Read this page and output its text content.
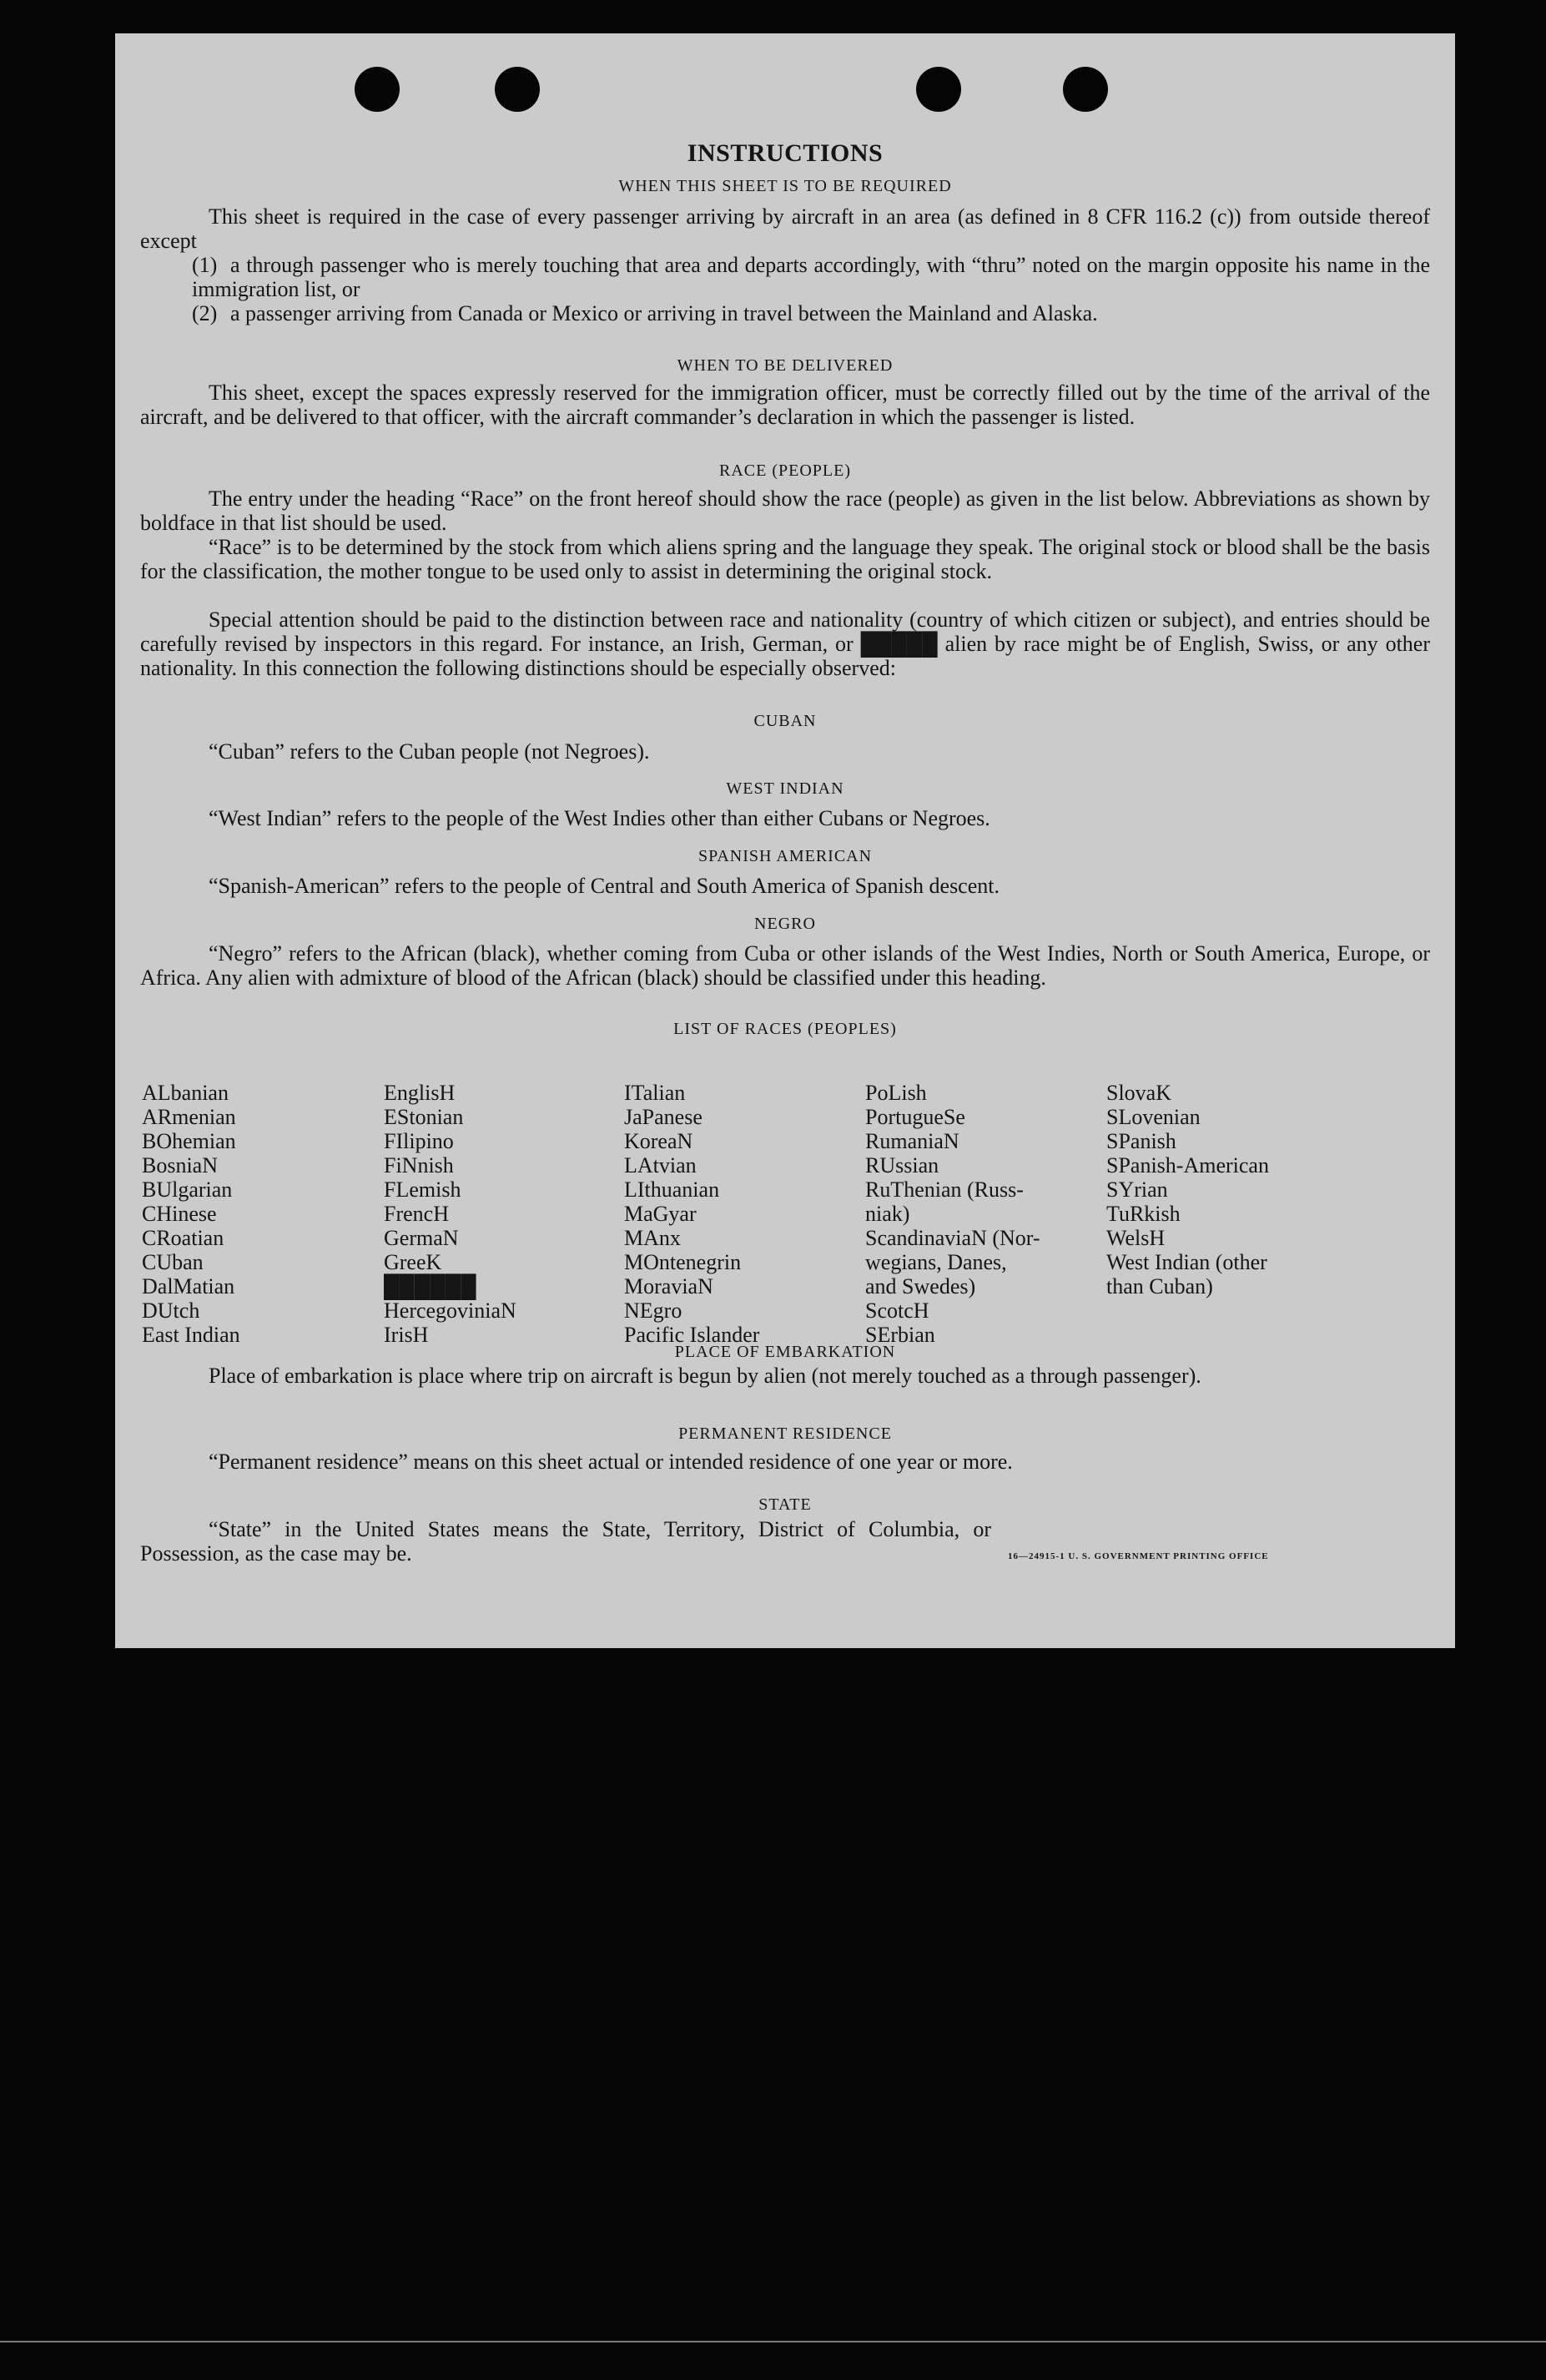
INSTRUCTIONS
WHEN THIS SHEET IS TO BE REQUIRED

This sheet is required in the case of every passenger arriving by aircraft in an area (as defined in 8 CFR 116.2 (c)) from outside thereof except

(1) a through passenger who is merely touching that area and departs accordingly, with “thru” noted on the margin opposite his name in the immigration list, or
(2) a passenger arriving from Canada or Mexico or arriving in travel between the Mainland and Alaska.
WHEN TO BE DELIVERED

This sheet, except the spaces expressly reserved for the immigration officer, must be correctly filled out by the time of the arrival of the aircraft, and be delivered to that officer, with the aircraft commander’s declaration in which the passenger is listed.

RACE (PEOPLE)

The entry under the heading “Race” on the front hereof should show the race (people) as given in the list below. Abbreviations as shown by boldface in that list should be used.

“Race” is to be determined by the stock from which aliens spring and the language they speak. The original stock or blood shall be the basis for the classification, the mother tongue to be used only to assist in determining the original stock.

Special attention should be paid to the distinction between race and nationality (country of which citizen or subject), and entries should be carefully revised by inspectors in this regard. For instance, an Irish, German, or █████ alien by race might be of English, Swiss, or any other nationality. In this connection the following distinctions should be especially observed:

CUBAN

“Cuban” refers to the Cuban people (not Negroes).

WEST INDIAN

“West Indian” refers to the people of the West Indies other than either Cubans or Negroes.

SPANISH AMERICAN

“Spanish-American” refers to the people of Central and South America of Spanish descent.

NEGRO

“Negro” refers to the African (black), whether coming from Cuba or other islands of the West Indies, North or South America, Europe, or Africa. Any alien with admixture of blood of the African (black) should be classified under this heading.

LIST OF RACES (PEOPLES)
ALbanian
ARmenian
BOhemian
BosniaN
BUlgarian
CHinese
CRoatian
CUban
DalMatian
DUtch
East Indian
EnglisH
EStonian
FIlipino
FiNnish
FLemish
FrencH
GermaN
GreeK
██████
HercegoviniaN
IrisH
ITalian
JaPanese
KoreaN
LAtvian
LIthuanian
MaGyar
MAnx
MOntenegrin
MoraviaN
NEgro
Pacific Islander
PoLish
PortugueSe
RumaniaN
RUssian
RuThenian (Russ-
niak)
ScandinaviaN (Nor-
wegians, Danes,
and Swedes)
ScotcH
SErbian
SlovaK
SLovenian
SPanish
SPanish-American
SYrian
TuRkish
WelsH
West Indian (other
than Cuban)
PLACE OF EMBARKATION

Place of embarkation is place where trip on aircraft is begun by alien (not merely touched as a through passenger).

PERMANENT RESIDENCE

“Permanent residence” means on this sheet actual or intended residence of one year or more.

STATE

“State” in the United States means the State, Territory, District of Columbia, or Possession, as the case may be.	16—24915-1 U. S. GOVERNMENT PRINTING OFFICE
